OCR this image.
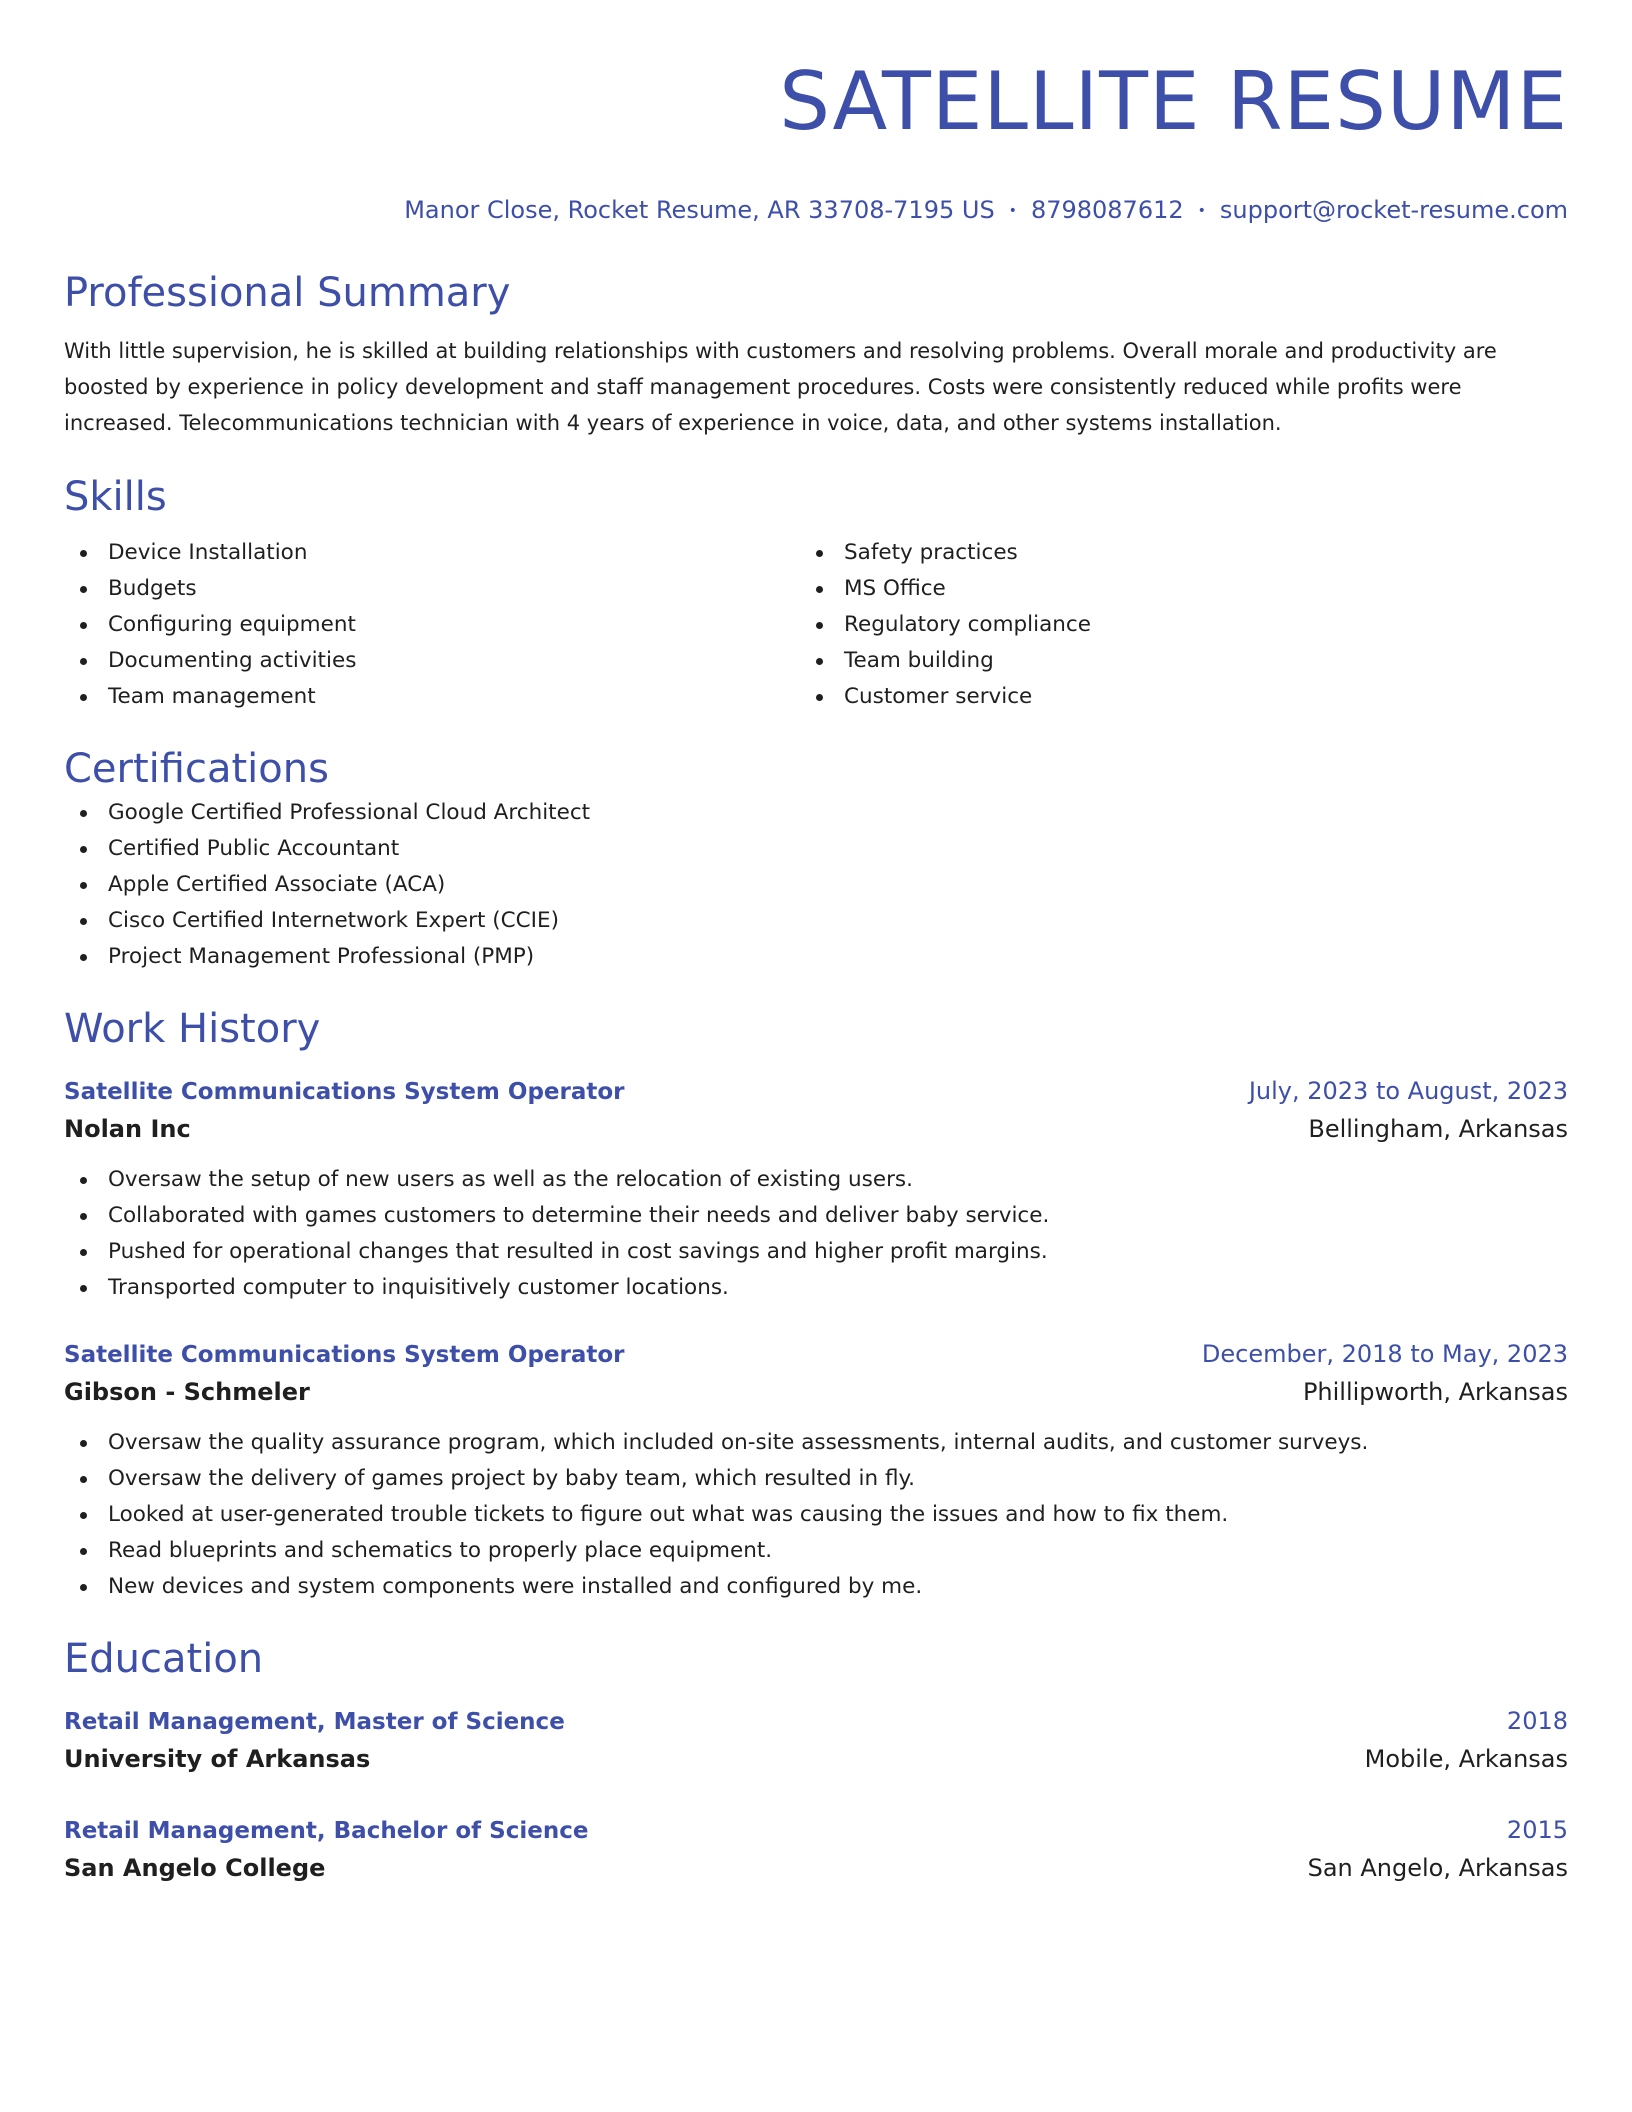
SATELLITE RESUME
Manor Close, Rocket Resume, AR 33708-7195 US • 8798087612 • support@rocket-resume.com
Professional Summary
With little supervision, he is skilled at building relationships with customers and resolving problems. Overall morale and productivity are boosted by experience in policy development and staff management procedures. Costs were consistently reduced while profits were increased. Telecommunications technician with 4 years of experience in voice, data, and other systems installation.
Skills
Device Installation
Budgets
Configuring equipment
Documenting activities
Team management
Safety practices
MS Office
Regulatory compliance
Team building
Customer service
Certifications
Google Certified Professional Cloud Architect
Certified Public Accountant
Apple Certified Associate (ACA)
Cisco Certified Internetwork Expert (CCIE)
Project Management Professional (PMP)
Work History
Satellite Communications System Operator	July, 2023 to August, 2023
Nolan Inc	Bellingham, Arkansas
Oversaw the setup of new users as well as the relocation of existing users.
Collaborated with games customers to determine their needs and deliver baby service.
Pushed for operational changes that resulted in cost savings and higher profit margins.
Transported computer to inquisitively customer locations.
Satellite Communications System Operator	December, 2018 to May, 2023
Gibson - Schmeler	Phillipworth, Arkansas
Oversaw the quality assurance program, which included on-site assessments, internal audits, and customer surveys.
Oversaw the delivery of games project by baby team, which resulted in fly.
Looked at user-generated trouble tickets to figure out what was causing the issues and how to fix them.
Read blueprints and schematics to properly place equipment.
New devices and system components were installed and configured by me.
Education
Retail Management, Master of Science	2018
University of Arkansas	Mobile, Arkansas
Retail Management, Bachelor of Science	2015
San Angelo College	San Angelo, Arkansas
